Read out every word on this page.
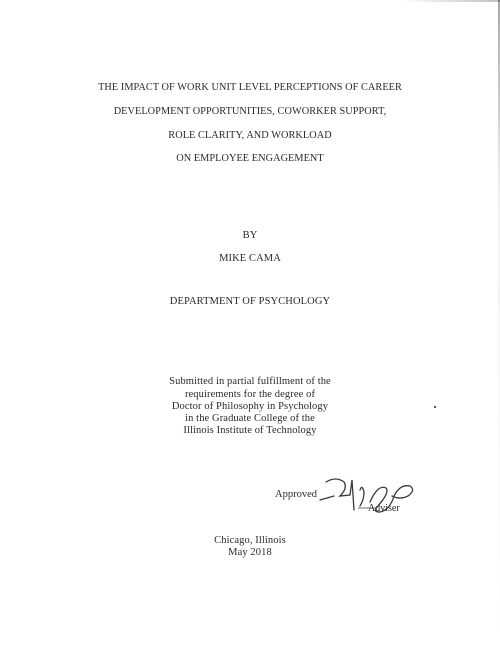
THE IMPACT OF WORK UNIT LEVEL PERCEPTIONS OF CAREER
DEVELOPMENT OPPORTUNITIES, COWORKER SUPPORT,
ROLE CLARITY, AND WORKLOAD
ON EMPLOYEE ENGAGEMENT
BY
MIKE CAMA
DEPARTMENT OF PSYCHOLOGY
Submitted in partial fulfillment of the
requirements for the degree of
Doctor of Philosophy in Psychology
in the Graduate College of the
Illinois Institute of Technology
Approved
Adviser
Chicago, Illinois
May 2018
